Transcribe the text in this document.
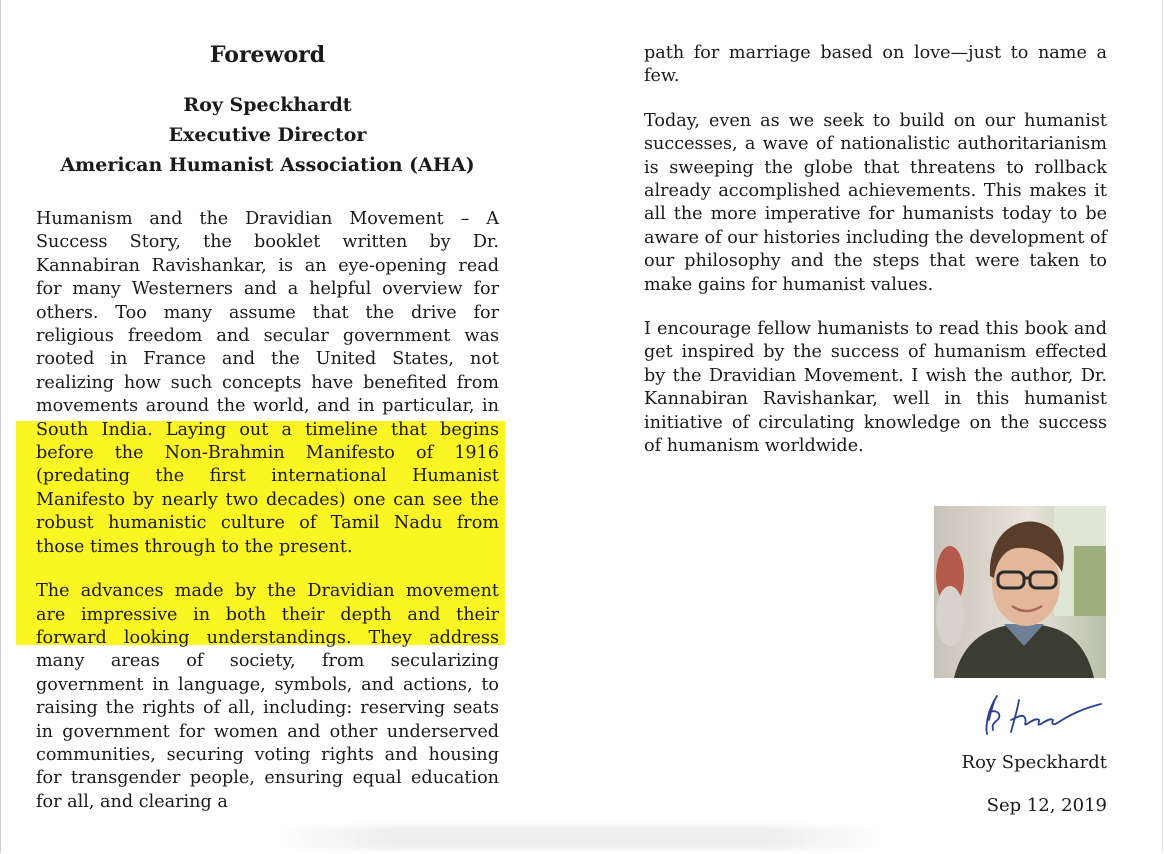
Foreword
Roy Speckhardt
Executive Director
American Humanist Association (AHA)

Humanism and the Dravidian Movement – A Success Story, the booklet written by Dr. Kannabiran Ravishankar, is an eye-opening read for many Westerners and a helpful overview for others. Too many assume that the drive for religious freedom and secular government was rooted in France and the United States, not realizing how such concepts have benefited from movements around the world, and in particular, in South India. Laying out a timeline that begins before the Non-Brahmin Manifesto of 1916 (predating the first international Humanist Manifesto by nearly two decades) one can see the robust humanistic culture of Tamil Nadu from those times through to the present.

The advances made by the Dravidian movement are impressive in both their depth and their forward looking understandings. They address many areas of society, from secularizing government in language, symbols, and actions, to raising the rights of all, including: reserving seats in government for women and other underserved communities, securing voting rights and housing for transgender people, ensuring equal education for all, and clearing a

path for marriage based on love—just to name a few.

Today, even as we seek to build on our humanist successes, a wave of nationalistic authoritarianism is sweeping the globe that threatens to rollback already accomplished achievements. This makes it all the more imperative for humanists today to be aware of our histories including the development of our philosophy and the steps that were taken to make gains for humanist values.

I encourage fellow humanists to read this book and get inspired by the success of humanism effected by the Dravidian Movement. I wish the author, Dr. Kannabiran Ravishankar, well in this humanist initiative of circulating knowledge on the success of humanism worldwide.

Roy Speckhardt
Sep 12, 2019
